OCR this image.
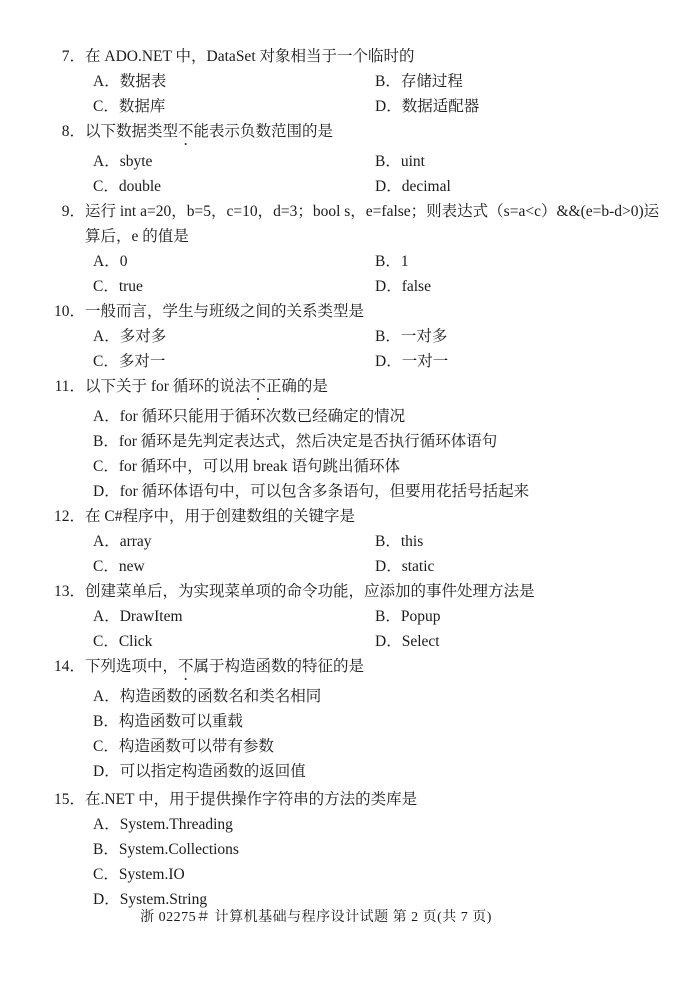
7． 在 ADO.NET 中，DataSet 对象相当于一个临时的
A．数据表	B．存储过程
C．数据库	D．数据适配器
8． 以下数据类型不能表示负数范围的是
A．sbyte	B．uint
C．double	D．decimal
9． 运行 int a=20，b=5，c=10，d=3；bool s，e=false；则表达式（s=a<c）&&(e=b-d>0)运算后，e 的值是
A．0	B．1
C．true	D．false
10． 一般而言，学生与班级之间的关系类型是
A．多对多	B．一对多
C．多对一	D．一对一
11． 以下关于 for 循环的说法不正确的是
A．for 循环只能用于循环次数已经确定的情况
B．for 循环是先判定表达式，然后决定是否执行循环体语句
C．for 循环中，可以用 break 语句跳出循环体
D．for 循环体语句中，可以包含多条语句，但要用花括号括起来
12． 在 C#程序中，用于创建数组的关键字是
A．array	B．this
C．new	D．static
13． 创建菜单后，为实现菜单项的命令功能，应添加的事件处理方法是
A．DrawItem	B．Popup
C．Click	D．Select
14． 下列选项中，不属于构造函数的特征的是
A．构造函数的函数名和类名相同
B．构造函数可以重载
C．构造函数可以带有参数
D．可以指定构造函数的返回值
15． 在.NET 中，用于提供操作字符串的方法的类库是
A．System.Threading
B．System.Collections
C．System.IO
D．System.String
浙 02275＃ 计算机基础与程序设计试题 第 2 页(共 7 页)
